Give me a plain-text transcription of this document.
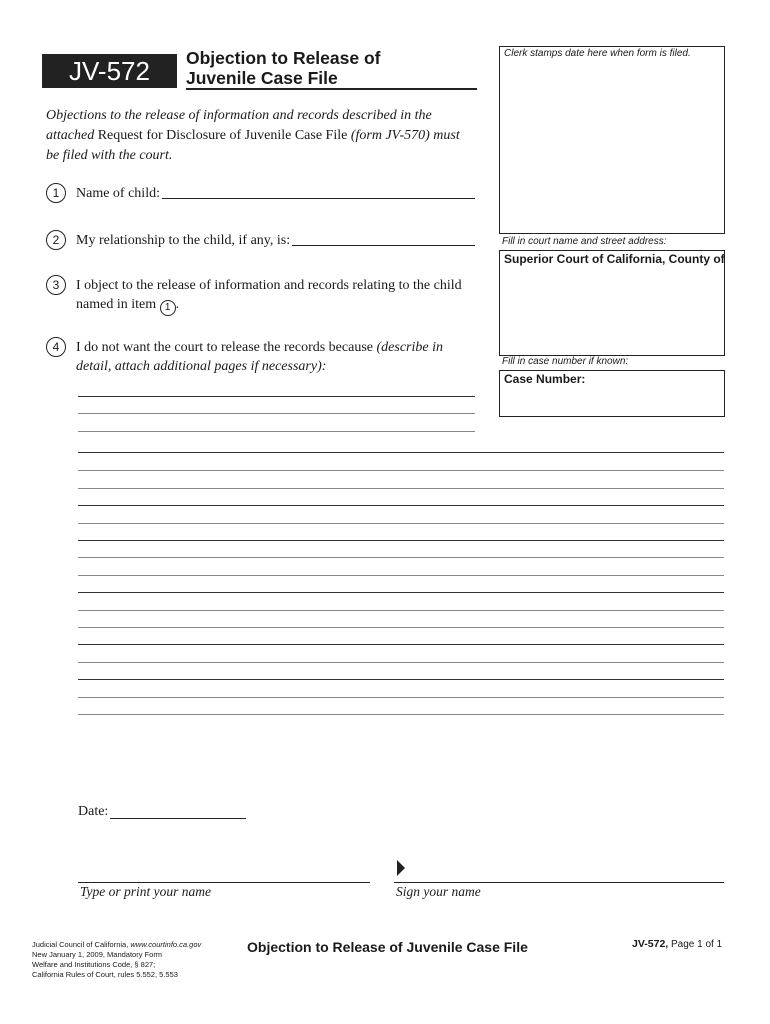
JV-572	Objection to Release of
Juvenile Case File
Clerk stamps date here when form is filed.
Fill in court name and street address:
Superior Court of California, County of
Fill in case number if known:
Case Number:
Objections to the release of information and records described in the attached Request for Disclosure of Juvenile Case File (form JV-570) must be filed with the court.
1	Name of child:
2	My relationship to the child, if any, is:
3	I object to the release of information and records relating to the child
named in item 1 .
4	I do not want the court to release the records because (describe in detail, attach additional pages if necessary):
Date:
Type or print your name	Sign your name
Judicial Council of California, www.courtinfo.ca.gov
New January 1, 2009, Mandatory Form
Welfare and Institutions Code, § 827;
California Rules of Court, rules 5.552, 5.553
Objection to Release of Juvenile Case File	JV-572, Page 1 of 1
